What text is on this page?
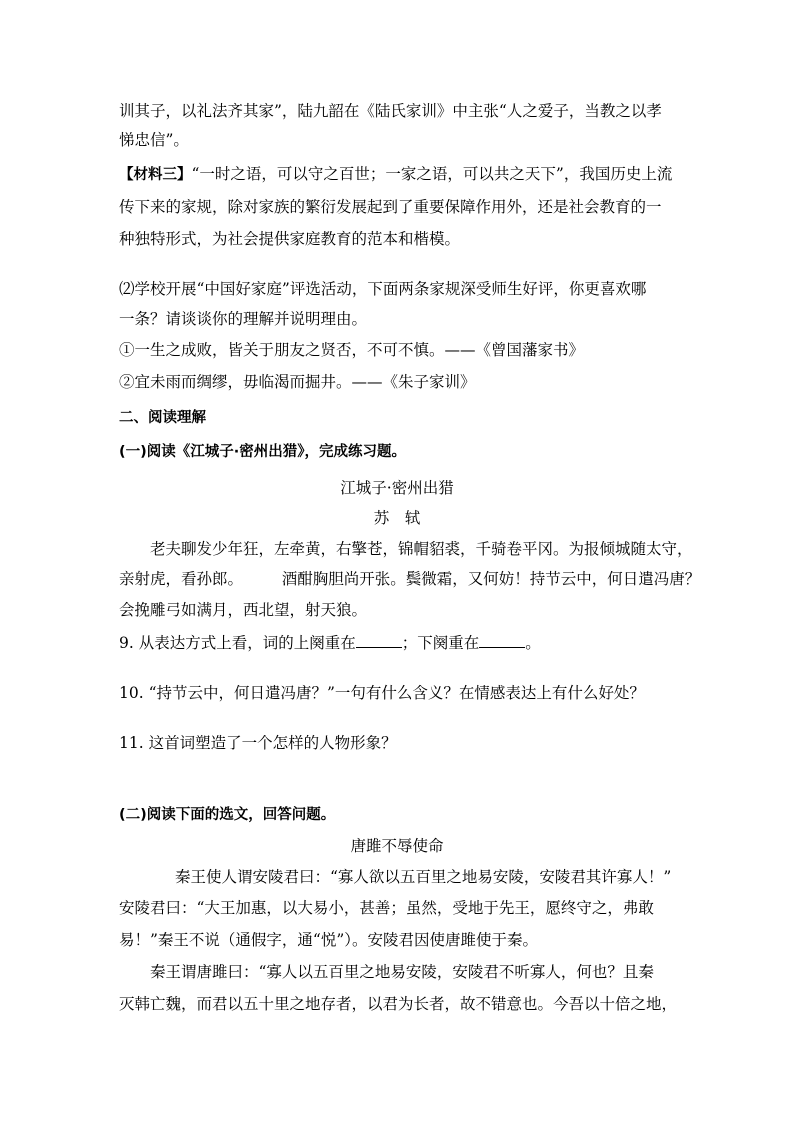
训其子，以礼法齐其家”，陆九韶在《陆氏家训》中主张“人之爱子，当教之以孝
悌忠信”。
【材料三】“一时之语，可以守之百世；一家之语，可以共之天下”，我国历史上流
传下来的家规，除对家族的繁衍发展起到了重要保障作用外，还是社会教育的一
种独特形式，为社会提供家庭教育的范本和楷模。
⑵学校开展“中国好家庭”评选活动，下面两条家规深受师生好评，你更喜欢哪
一条？请谈谈你的理解并说明理由。
①一生之成败，皆关于朋友之贤否，不可不慎。——《曾国藩家书》
②宜未雨而绸缪，毋临渴而掘井。——《朱子家训》
二、阅读理解
(一)阅读《江城子·密州出猎》，完成练习题。
江城子·密州出猎
苏　轼
老夫聊发少年狂，左牵黄，右擎苍，锦帽貂裘，千骑卷平冈。为报倾城随太守，
亲射虎，看孙郎。　　　酒酣胸胆尚开张。鬓微霜，又何妨！持节云中，何日遣冯唐？
会挽雕弓如满月，西北望，射天狼。
9. 从表达方式上看，词的上阕重在	；下阕重在	。
10. “持节云中，何日遣冯唐？”一句有什么含义？在情感表达上有什么好处？
11. 这首词塑造了一个怎样的人物形象？
(二)阅读下面的选文，回答问题。
唐雎不辱使命
秦王使人谓安陵君曰：“寡人欲以五百里之地易安陵，安陵君其许寡人！”
安陵君曰：“大王加惠，以大易小，甚善；虽然，受地于先王，愿终守之，弗敢
易！”秦王不说（通假字，通“悦”）。安陵君因使唐雎使于秦。
秦王谓唐雎曰：“寡人以五百里之地易安陵，安陵君不听寡人，何也？且秦
灭韩亡魏，而君以五十里之地存者，以君为长者，故不错意也。今吾以十倍之地，
